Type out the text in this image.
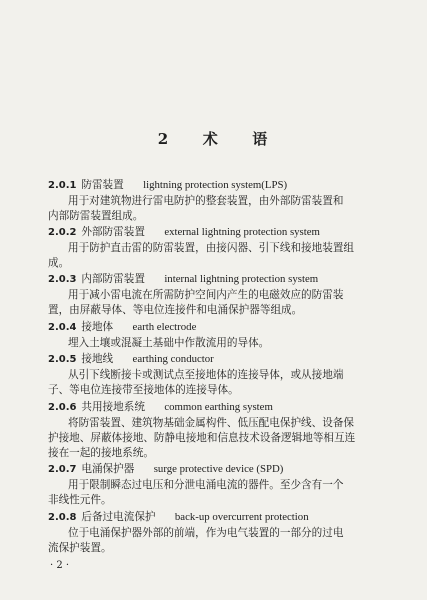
2 术 语
2.0.1 防雷装置 lightning protection system(LPS)
用于对建筑物进行雷电防护的整套装置，由外部防雷装置和
内部防雷装置组成。
2.0.2 外部防雷装置 external lightning protection system
用于防护直击雷的防雷装置，由接闪器、引下线和接地装置组
成。
2.0.3 内部防雷装置 internal lightning protection system
用于减小雷电流在所需防护空间内产生的电磁效应的防雷装
置，由屏蔽导体、等电位连接件和电涌保护器等组成。
2.0.4 接地体 earth electrode
埋入土壤或混凝土基础中作散流用的导体。
2.0.5 接地线 earthing conductor
从引下线断接卡或测试点至接地体的连接导体，或从接地端
子、等电位连接带至接地体的连接导体。
2.0.6 共用接地系统 common earthing system
将防雷装置、建筑物基础金属构件、低压配电保护线、设备保
护接地、屏蔽体接地、防静电接地和信息技术设备逻辑地等相互连
接在一起的接地系统。
2.0.7 电涌保护器 surge protective device (SPD)
用于限制瞬态过电压和分泄电涌电流的器件。至少含有一个
非线性元件。
2.0.8 后备过电流保护 back-up overcurrent protection
位于电涌保护器外部的前端，作为电气装置的一部分的过电
流保护装置。
· 2 ·
